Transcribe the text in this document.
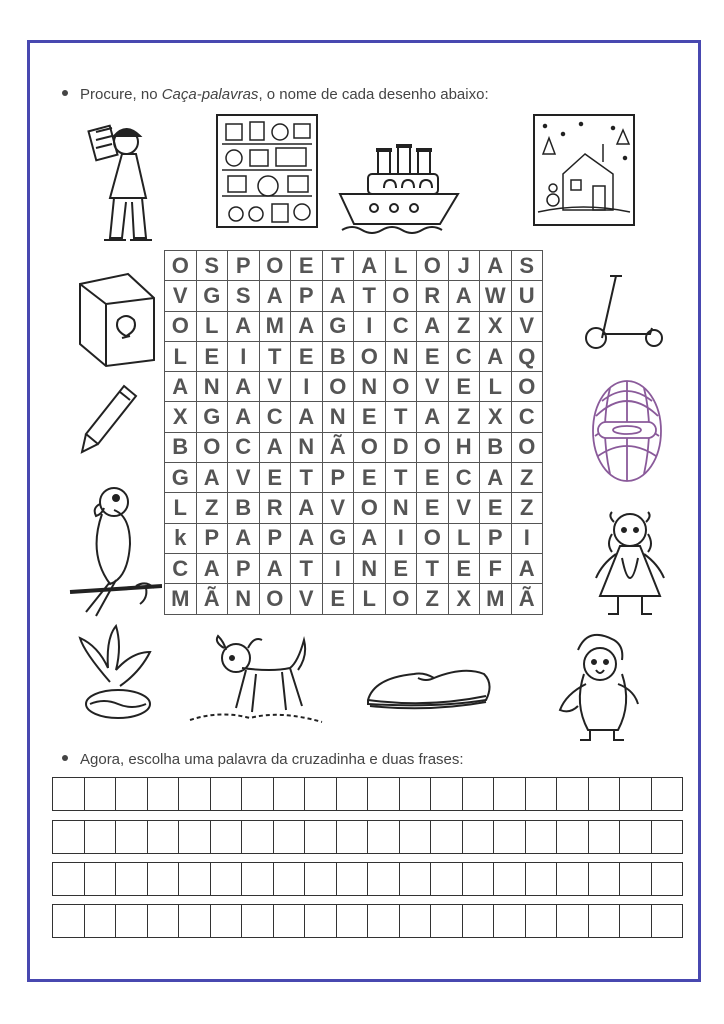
Procure, no Caça-palavras, o nome de cada desenho abaixo:
O	S	P	O	E	T	A	L	O	J	A	S
V	G	S	A	P	A	T	O	R	A	W	U
O	L	A	M	A	G	I	C	A	Z	X	V
L	E	I	T	E	B	O	N	E	C	A	Q
A	N	A	V	I	O	N	O	V	E	L	O
X	G	A	C	A	N	E	T	A	Z	X	C
B	O	C	A	N	Ã	O	D	O	H	B	O
G	A	V	E	T	P	E	T	E	C	A	Z
L	Z	B	R	A	V	O	N	E	V	E	Z
k	P	A	P	A	G	A	I	O	L	P	I
C	A	P	A	T	I	N	E	T	E	F	A
M	Ã	N	O	V	E	L	O	Z	X	M	Ã
Agora, escolha uma palavra da cruzadinha e duas frases:
